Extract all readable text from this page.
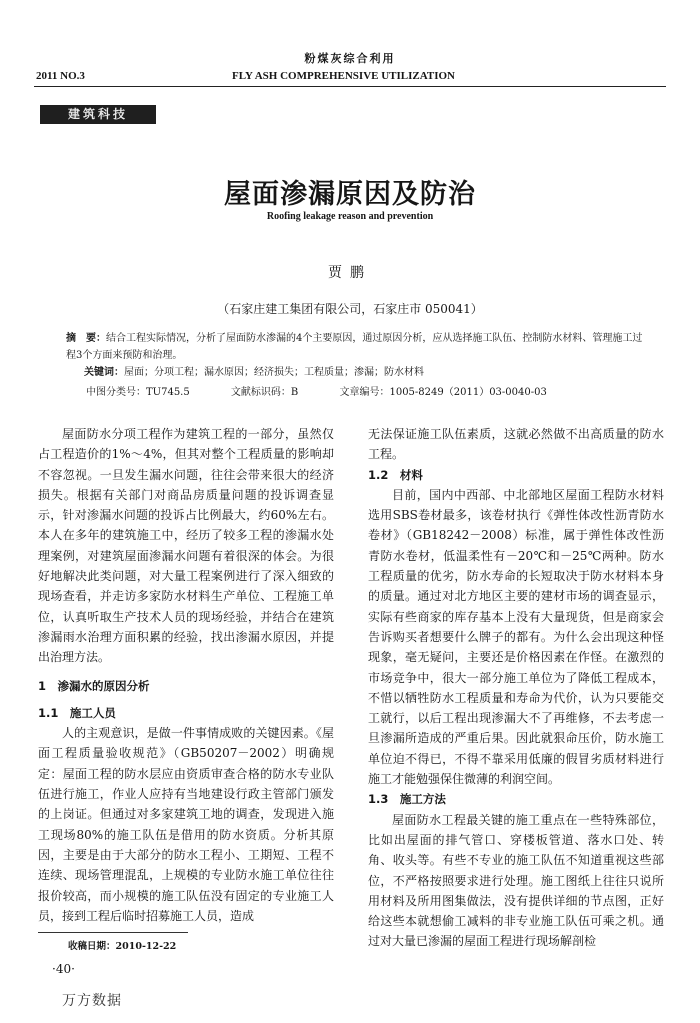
粉煤灰综合利用
2011 NO.3	FLY ASH COMPREHENSIVE UTILIZATION
建筑科技
屋面渗漏原因及防治
Roofing leakage reason and prevention
贾鹏
（石家庄建工集团有限公司，石家庄市 050041）
摘　要：结合工程实际情况，分析了屋面防水渗漏的4个主要原因，通过原因分析，应从选择施工队伍、控制防水材料、管理施工过程3个方面来预防和治理。
关键词：屋面；分项工程；漏水原因；经济损失；工程质量；渗漏；防水材料
中图分类号：TU745.5	文献标识码：B	文章编号：1005-8249（2011）03-0040-03

屋面防水分项工程作为建筑工程的一部分，虽然仅占工程造价的1%～4%，但其对整个工程质量的影响却不容忽视。一旦发生漏水问题，往往会带来很大的经济损失。根据有关部门对商品房质量问题的投诉调查显示，针对渗漏水问题的投诉占比例最大，约60%左右。本人在多年的建筑施工中，经历了较多工程的渗漏水处理案例，对建筑屋面渗漏水问题有着很深的体会。为很好地解决此类问题，对大量工程案例进行了深入细致的现场查看，并走访多家防水材料生产单位、工程施工单位，认真听取生产技术人员的现场经验，并结合在建筑渗漏雨水治理方面积累的经验，找出渗漏水原因，并提出治理方法。

1　渗漏水的原因分析

1.1　施工人员

人的主观意识，是做一件事情成败的关键因素。《屋面工程质量验收规范》（GB50207－2002）明确规定：屋面工程的防水层应由资质审查合格的防水专业队伍进行施工，作业人应持有当地建设行政主管部门颁发的上岗证。但通过对多家建筑工地的调查，发现进入施工现场80%的施工队伍是借用的防水资质。分析其原因，主要是由于大部分的防水工程小、工期短、工程不连续、现场管理混乱，上规模的专业防水施工单位往往报价较高，而小规模的施工队伍没有固定的专业施工人员，接到工程后临时招募施工人员，造成

无法保证施工队伍素质，这就必然做不出高质量的防水工程。

1.2　材料

目前，国内中西部、中北部地区屋面工程防水材料选用SBS卷材最多，该卷材执行《弹性体改性沥青防水卷材》（GB18242－2008）标准，属于弹性体改性沥青防水卷材，低温柔性有－20℃和－25℃两种。防水工程质量的优劣，防水寿命的长短取决于防水材料本身的质量。通过对北方地区主要的建材市场的调查显示，实际有些商家的库存基本上没有大量现货，但是商家会告诉购买者想要什么牌子的都有。为什么会出现这种怪现象，毫无疑问，主要还是价格因素在作怪。在激烈的市场竞争中，很大一部分施工单位为了降低工程成本，不惜以牺牲防水工程质量和寿命为代价，认为只要能交工就行，以后工程出现渗漏大不了再维修，不去考虑一旦渗漏所造成的严重后果。因此就狠命压价，防水施工单位迫不得已，不得不靠采用低廉的假冒劣质材料进行施工才能勉强保住微薄的利润空间。

1.3　施工方法

屋面防水工程最关键的施工重点在一些特殊部位，比如出屋面的排气管口、穿楼板管道、落水口处、转角、收头等。有些不专业的施工队伍不知道重视这些部位，不严格按照要求进行处理。施工图纸上往往只说所用材料及所用图集做法，没有提供详细的节点图，正好给这些本就想偷工减料的非专业施工队伍可乘之机。通过对大量已渗漏的屋面工程进行现场解剖检

收稿日期：2010-12-22
·40·
万方数据
